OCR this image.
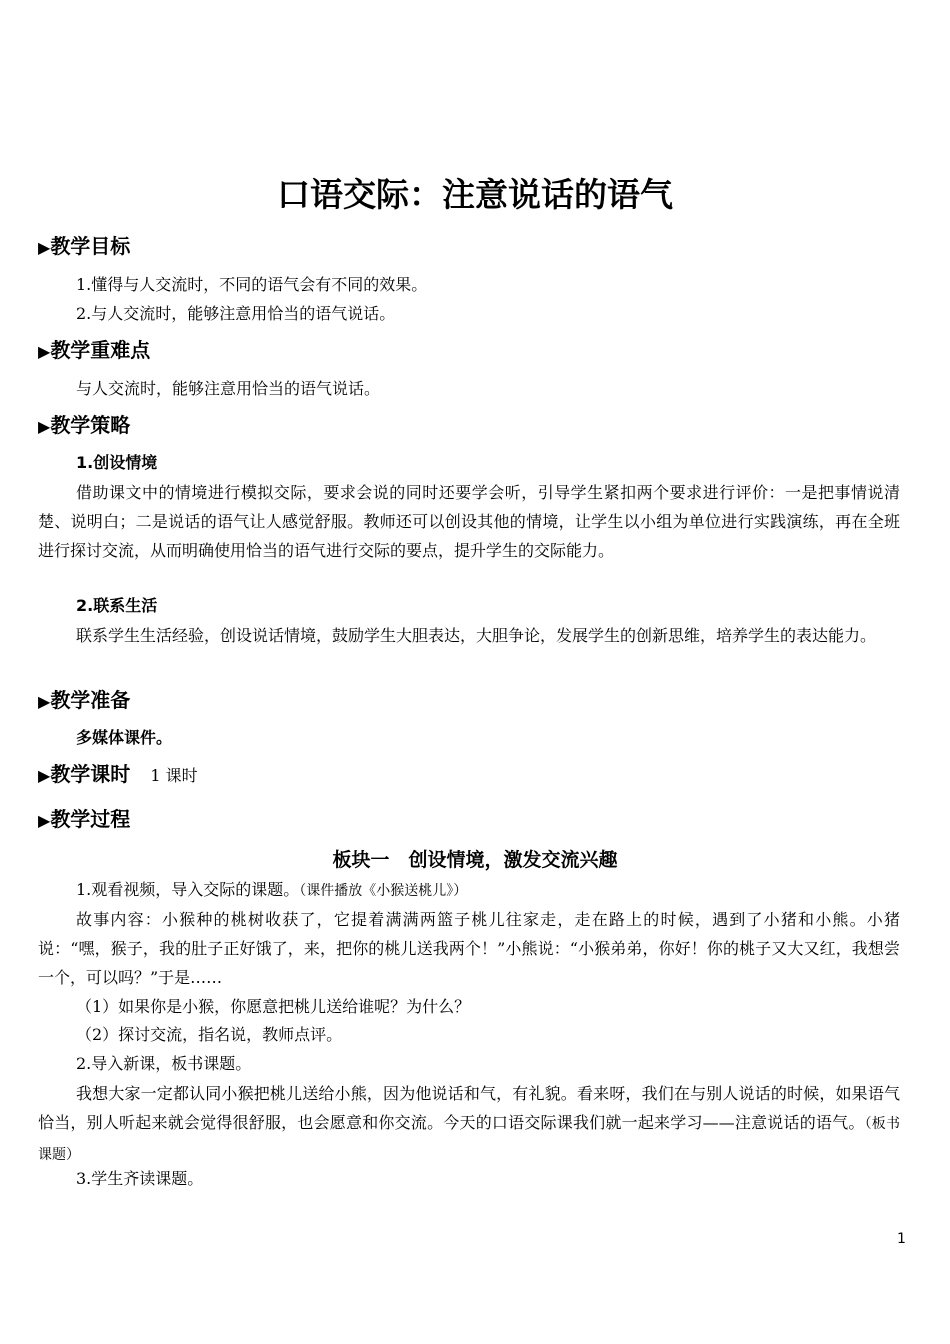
口语交际：注意说话的语气
▶教学目标

1.懂得与人交流时，不同的语气会有不同的效果。

2.与人交流时，能够注意用恰当的语气说话。

▶教学重难点

与人交流时，能够注意用恰当的语气说话。

▶教学策略

1.创设情境

借助课文中的情境进行模拟交际，要求会说的同时还要学会听，引导学生紧扣两个要求进行评价：一是把事情说清楚、说明白；二是说话的语气让人感觉舒服。教师还可以创设其他的情境，让学生以小组为单位进行实践演练，再在全班进行探讨交流，从而明确使用恰当的语气进行交际的要点，提升学生的交际能力。

2.联系生活

联系学生生活经验，创设说话情境，鼓励学生大胆表达，大胆争论，发展学生的创新思维，培养学生的表达能力。

▶教学准备

多媒体课件。

▶教学课时 1 课时
▶教学过程
板块一　创设情境，激发交流兴趣

1.观看视频，导入交际的课题。（课件播放《小猴送桃儿》）

故事内容：小猴种的桃树收获了，它提着满满两篮子桃儿往家走，走在路上的时候，遇到了小猪和小熊。小猪说：“嘿，猴子，我的肚子正好饿了，来，把你的桃儿送我两个！”小熊说：“小猴弟弟，你好！你的桃子又大又红，我想尝一个，可以吗？”于是……

（1）如果你是小猴，你愿意把桃儿送给谁呢？为什么？

（2）探讨交流，指名说，教师点评。

2.导入新课，板书课题。

我想大家一定都认同小猴把桃儿送给小熊，因为他说话和气，有礼貌。看来呀，我们在与别人说话的时候，如果语气恰当，别人听起来就会觉得很舒服，也会愿意和你交流。今天的口语交际课我们就一起来学习——注意说话的语气。（板书课题）

3.学生齐读课题。

1
